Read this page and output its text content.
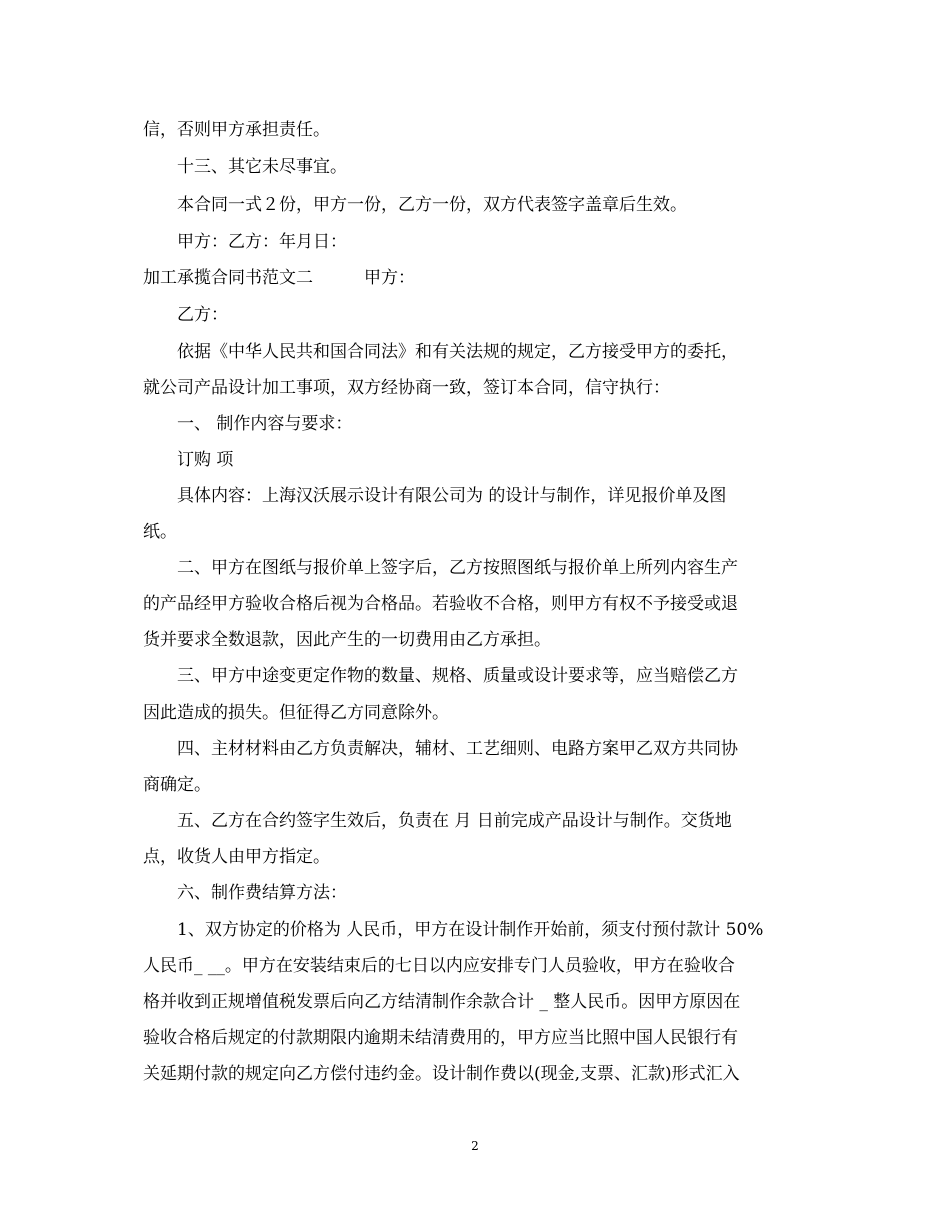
信，否则甲方承担责任。
十三、其它未尽事宜。
本合同一式２份，甲方一份，乙方一份，双方代表签字盖章后生效。
甲方：乙方：年月日：
加工承揽合同书范文二　　　甲方：
乙方：
依据《中华人民共和国合同法》和有关法规的规定，乙方接受甲方的委托，
就公司产品设计加工事项，双方经协商一致，签订本合同，信守执行：
一、 制作内容与要求：
订购 项
具体内容：上海汉沃展示设计有限公司为 的设计与制作，详见报价单及图
纸。
二、甲方在图纸与报价单上签字后，乙方按照图纸与报价单上所列内容生产
的产品经甲方验收合格后视为合格品。若验收不合格，则甲方有权不予接受或退
货并要求全数退款，因此产生的一切费用由乙方承担。
三、甲方中途变更定作物的数量、规格、质量或设计要求等，应当赔偿乙方
因此造成的损失。但征得乙方同意除外。
四、主材材料由乙方负责解决，辅材、工艺细则、电路方案甲乙双方共同协
商确定。
五、乙方在合约签字生效后，负责在 月 日前完成产品设计与制作。交货地
点，收货人由甲方指定。
六、制作费结算方法：
1、双方协定的价格为 人民币，甲方在设计制作开始前，须支付预付款计 50%
人民币_ __。甲方在安装结束后的七日以内应安排专门人员验收，甲方在验收合
格并收到正规增值税发票后向乙方结清制作余款合计 _ 整人民币。因甲方原因在
验收合格后规定的付款期限内逾期未结清费用的，甲方应当比照中国人民银行有
关延期付款的规定向乙方偿付违约金。设计制作费以(现金,支票、汇款)形式汇入
2
